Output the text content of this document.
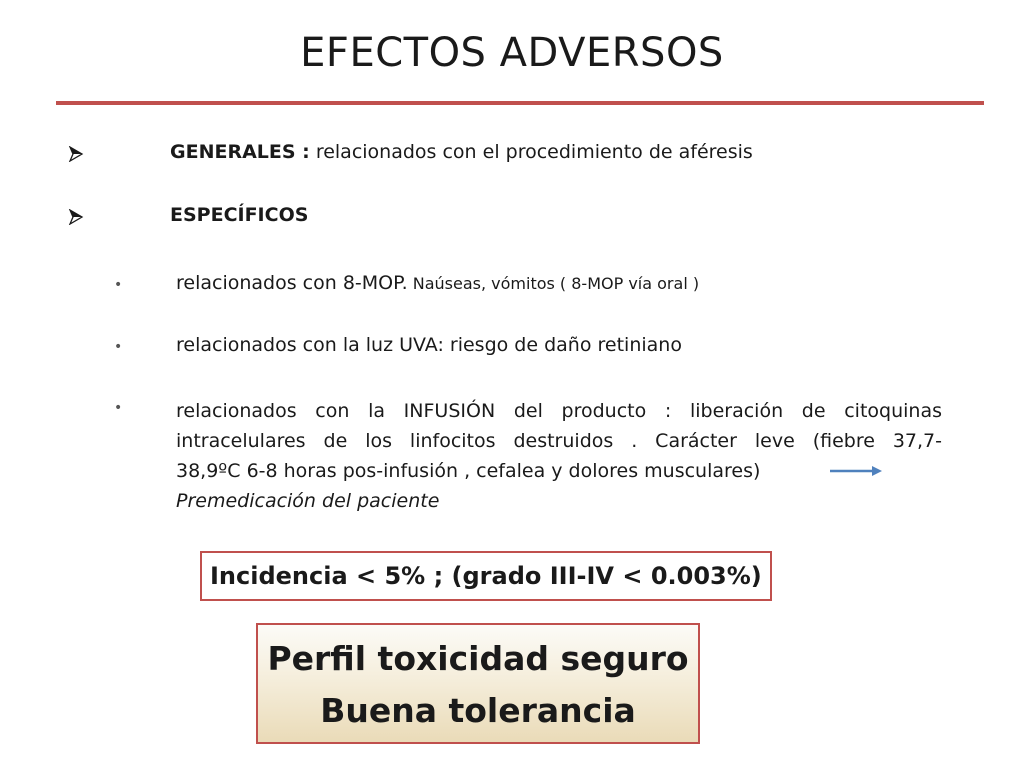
EFECTOS ADVERSOS
GENERALES : relacionados con el procedimiento de aféresis
ESPECÍFICOS
•	relacionados con 8-MOP. Naúseas, vómitos ( 8-MOP vía oral )
•	relacionados con la luz UVA: riesgo de daño retiniano
•	relacionados con la INFUSIÓN del producto : liberación de citoquinas
intracelulares de los linfocitos destruidos . Carácter leve (fiebre 37,7-
38,9ºC 6-8 horas pos-infusión , cefalea y dolores musculares)
Premedicación del paciente
Incidencia < 5% ; (grado III-IV < 0.003%)
Perfil toxicidad seguro
Buena tolerancia
